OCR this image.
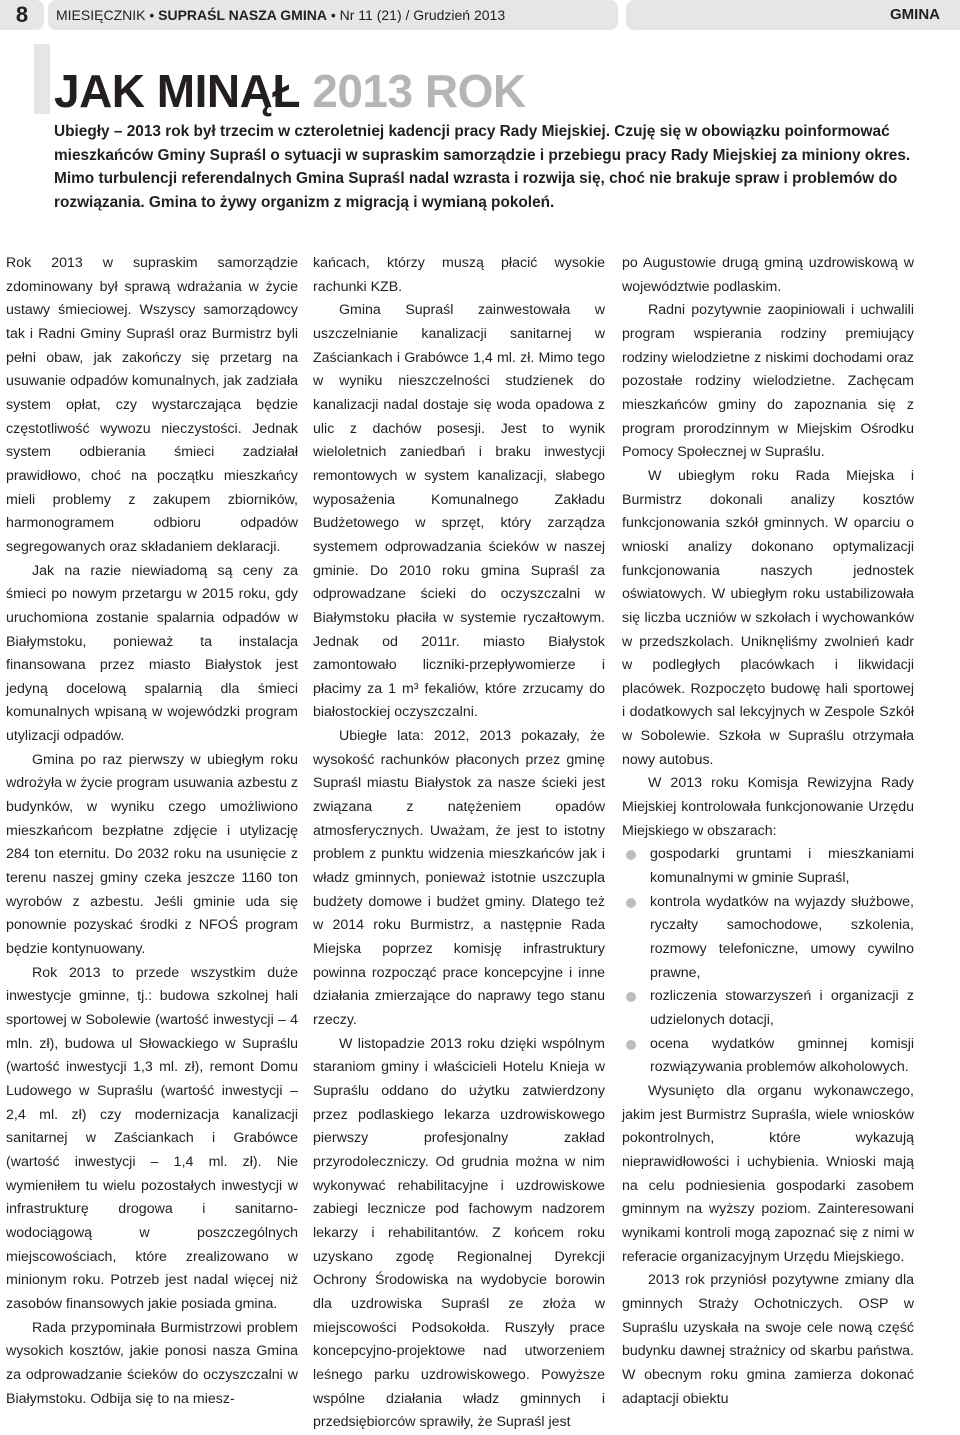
8	MIESIĘCZNIK • SUPRAŚL NASZA GMINA • Nr 11 (21) / Grudzień 2013	GMINA
JAK MINĄŁ 2013 ROK

Ubiegły – 2013 rok był trzecim w czteroletniej kadencji pracy Rady Miejskiej. Czuję się w obowiązku poinformować mieszkańców Gminy Supraśl o sytuacji w supraskim samorządzie i przebiegu pracy Rady Miejskiej za miniony okres. Mimo turbulencji referendalnych Gmina Supraśl nadal wzrasta i rozwija się, choć nie brakuje spraw i problemów do rozwiązania. Gmina to żywy organizm z migracją i wymianą pokoleń.

Rok 2013 w supraskim samorządzie zdominowany był sprawą wdrażania w życie ustawy śmieciowej. Wszyscy samorządowcy tak i Radni Gminy Supraśl oraz Burmistrz byli pełni obaw, jak zakończy się przetarg na usuwanie odpadów komunalnych, jak zadziała system opłat, czy wystarczająca będzie częstotliwość wywozu nieczystości. Jednak system odbierania śmieci zadziałał prawidłowo, choć na początku mieszkańcy mieli problemy z zakupem zbiorników, harmonogramem odbioru odpadów segregowanych oraz składaniem deklaracji.

Jak na razie niewiadomą są ceny za śmieci po nowym przetargu w 2015 roku, gdy uruchomiona zostanie spalarnia odpadów w Białymstoku, ponieważ ta instalacja finansowana przez miasto Białystok jest jedyną docelową spalarnią dla śmieci komunalnych wpisaną w wojewódzki program utylizacji odpadów.

Gmina po raz pierwszy w ubiegłym roku wdrożyła w życie program usuwania azbestu z budynków, w wyniku czego umożliwiono mieszkańcom bezpłatne zdjęcie i utylizację 284 ton eternitu. Do 2032 roku na usunięcie z terenu naszej gminy czeka jeszcze 1160 ton wyrobów z azbestu. Jeśli gminie uda się ponownie pozyskać środki z NFOŚ program będzie kontynuowany.

Rok 2013 to przede wszystkim duże inwestycje gminne, tj.: budowa szkolnej hali sportowej w Sobolewie (wartość inwestycji – 4 mln. zł), budowa ul Słowackiego w Supraślu (wartość inwestycji 1,3 ml. zł), remont Domu Ludowego w Supraślu (wartość inwestycji – 2,4 ml. zł) czy modernizacja kanalizacji sanitarnej w Zaściankach i Grabówce (wartość inwestycji – 1,4 ml. zł). Nie wymieniłem tu wielu pozostałych inwestycji w infrastrukturę drogowa i sanitarno-wodociągową w poszczególnych miejscowościach, które zrealizowano w minionym roku. Potrzeb jest nadal więcej niż zasobów finansowych jakie posiada gmina.

Rada przypominała Burmistrzowi problem wysokich kosztów, jakie ponosi nasza Gmina za odprowadzanie ścieków do oczyszczalni w Białymstoku. Odbija się to na miesz-

kańcach, którzy muszą płacić wysokie rachunki KZB.

Gmina Supraśl zainwestowała w uszczelnianie kanalizacji sanitarnej w Zaściankach i Grabówce 1,4 ml. zł. Mimo tego w wyniku nieszczelności studzienek do kanalizacji nadal dostaje się woda opadowa z ulic z dachów posesji. Jest to wynik wieloletnich zaniedbań i braku inwestycji remontowych w system kanalizacji, słabego wyposażenia Komunalnego Zakładu Budżetowego w sprzęt, który zarządza systemem odprowadzania ścieków w naszej gminie. Do 2010 roku gmina Supraśl za odprowadzane ścieki do oczyszczalni w Białymstoku płaciła w systemie ryczałtowym. Jednak od 2011r. miasto Białystok zamontowało liczniki-przepływomierze i płacimy za 1 m³ fekaliów, które zrzucamy do białostockiej oczyszczalni.

Ubiegłe lata: 2012, 2013 pokazały, że wysokość rachunków płaconych przez gminę Supraśl miastu Białystok za nasze ścieki jest związana z natężeniem opadów atmosferycznych. Uważam, że jest to istotny problem z punktu widzenia mieszkańców jak i władz gminnych, ponieważ istotnie uszczupla budżety domowe i budżet gminy. Dlatego też w 2014 roku Burmistrz, a następnie Rada Miejska poprzez komisję infrastruktury powinna rozpocząć prace koncepcyjne i inne działania zmierzające do naprawy tego stanu rzeczy.

W listopadzie 2013 roku dzięki wspólnym staraniom gminy i właścicieli Hotelu Knieja w Supraślu oddano do użytku zatwierdzony przez podlaskiego lekarza uzdrowiskowego pierwszy profesjonalny zakład przyrodoleczniczy. Od grudnia można w nim wykonywać rehabilitacyjne i uzdrowiskowe zabiegi lecznicze pod fachowym nadzorem lekarzy i rehabilitantów. Z końcem roku uzyskano zgodę Regionalnej Dyrekcji Ochrony Środowiska na wydobycie borowin dla uzdrowiska Supraśl ze złoża w miejscowości Podsokołda. Ruszyły prace koncepcyjno-projektowe nad utworzeniem leśnego parku uzdrowiskowego. Powyższe wspólne działania władz gminnych i przedsiębiorców sprawiły, że Supraśl jest

po Augustowie drugą gminą uzdrowiskową w województwie podlaskim.

Radni pozytywnie zaopiniowali i uchwalili program wspierania rodziny premiujący rodziny wielodzietne z niskimi dochodami oraz pozostałe rodziny wielodzietne. Zachęcam mieszkańców gminy do zapoznania się z program prorodzinnym w Miejskim Ośrodku Pomocy Społecznej w Supraślu.

W ubiegłym roku Rada Miejska i Burmistrz dokonali analizy kosztów funkcjonowania szkół gminnych. W oparciu o wnioski analizy dokonano optymalizacji funkcjonowania naszych jednostek oświatowych. W ubiegłym roku ustabilizowała się liczba uczniów w szkołach i wychowanków w przedszkolach. Uniknęliśmy zwolnień kadr w podległych placówkach i likwidacji placówek. Rozpoczęto budowę hali sportowej i dodatkowych sal lekcyjnych w Zespole Szkół w Sobolewie. Szkoła w Supraślu otrzymała nowy autobus.

W 2013 roku Komisja Rewizyjna Rady Miejskiej kontrolowała funkcjonowanie Urzędu Miejskiego w obszarach:

gospodarki gruntami i mieszkaniami komunalnymi w gminie Supraśl,
kontrola wydatków na wyjazdy służbowe, ryczałty samochodowe, szkolenia, rozmowy telefoniczne, umowy cywilno prawne,
rozliczenia stowarzyszeń i organizacji z udzielonych dotacji,
ocena wydatków gminnej komisji rozwiązywania problemów alkoholowych.

Wysunięto dla organu wykonawczego, jakim jest Burmistrz Supraśla, wiele wniosków pokontrolnych, które wykazują nieprawidłowości i uchybienia. Wnioski mają na celu podniesienia gospodarki zasobem gminnym na wyższy poziom. Zainteresowani wynikami kontroli mogą zapoznać się z nimi w referacie organizacyjnym Urzędu Miejskiego.

2013 rok przyniósł pozytywne zmiany dla gminnych Straży Ochotniczych. OSP w Supraślu uzyskała na swoje cele nową część budynku dawnej strażnicy od skarbu państwa. W obecnym roku gmina zamierza dokonać adaptacji obiektu
